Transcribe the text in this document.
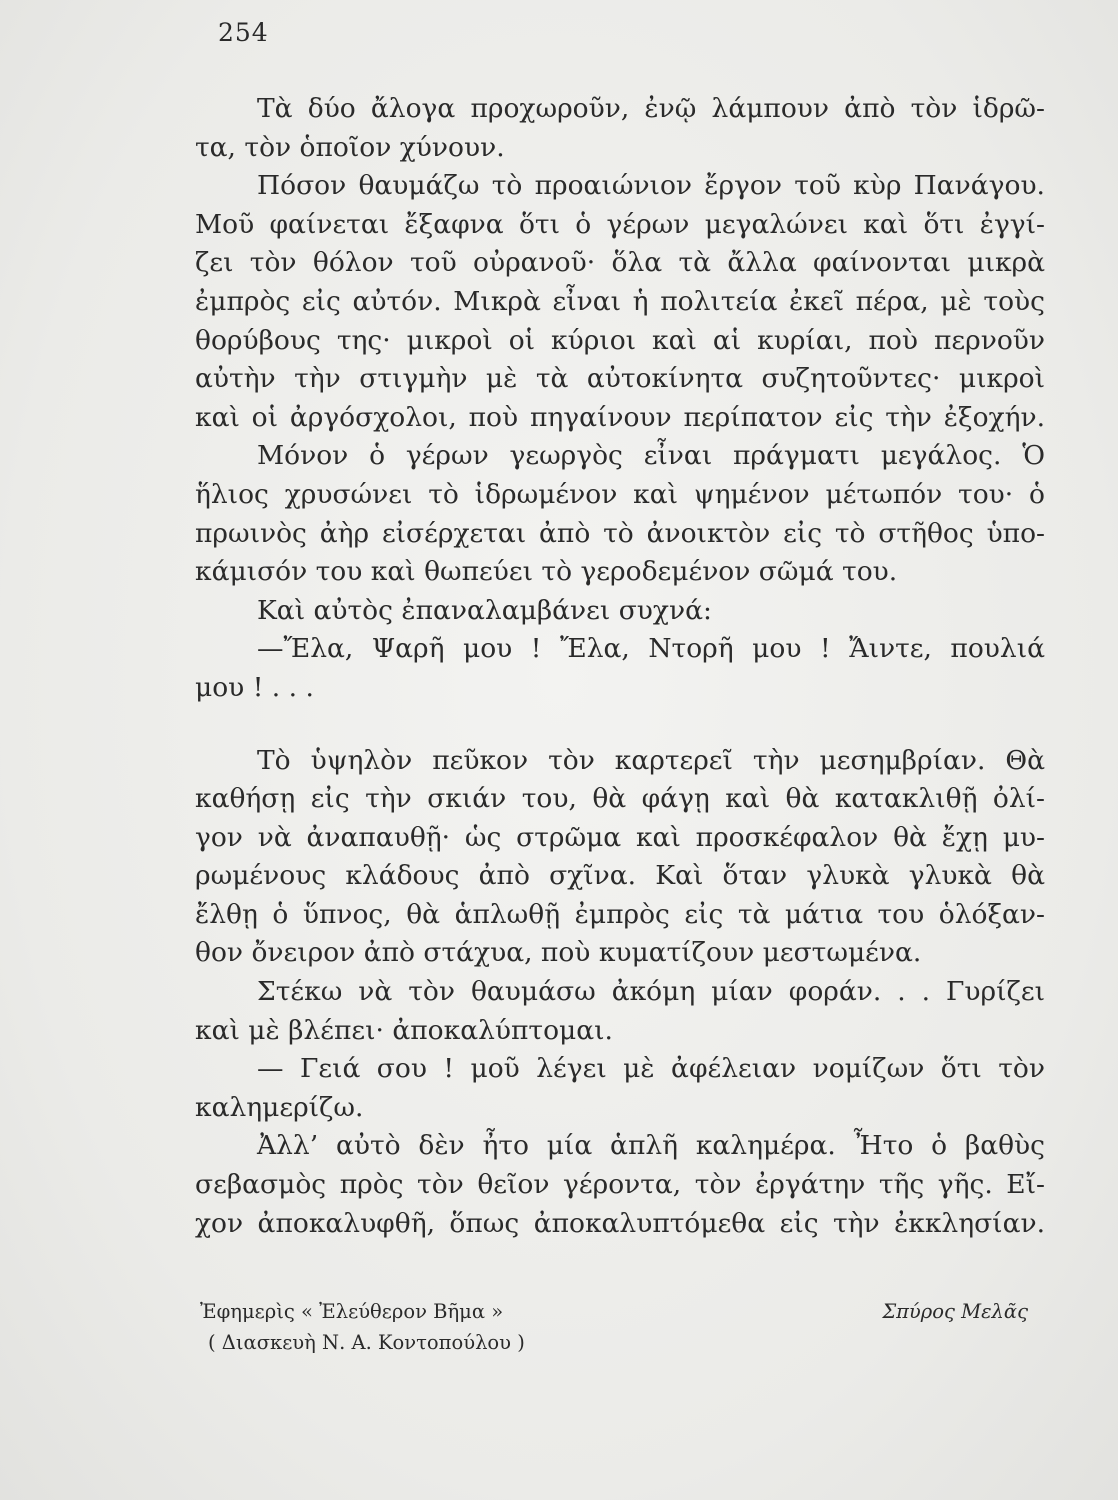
254
Τὰ δύο ἄλογα προχωροῦν, ἐνῷ λάμπουν ἀπὸ τὸν ἱδρῶ-
τα, τὸν ὁποῖον χύνουν.
Πόσον θαυμάζω τὸ προαιώνιον ἔργον τοῦ κὺρ Πανάγου.
Μοῦ φαίνεται ἔξαφνα ὅτι ὁ γέρων μεγαλώνει καὶ ὅτι ἐγγί-
ζει τὸν θόλον τοῦ οὐρανοῦ· ὅλα τὰ ἄλλα φαίνονται μικρὰ
ἐμπρὸς εἰς αὐτόν. Μικρὰ εἶναι ἡ πολιτεία ἐκεῖ πέρα, μὲ τοὺς
θορύβους της· μικροὶ οἱ κύριοι καὶ αἱ κυρίαι, ποὺ περνοῦν
αὐτὴν τὴν στιγμὴν μὲ τὰ αὐτοκίνητα συζητοῦντες· μικροὶ
καὶ οἱ ἀργόσχολοι, ποὺ πηγαίνουν περίπατον εἰς τὴν ἐξοχήν.
Μόνον ὁ γέρων γεωργὸς εἶναι πράγματι μεγάλος. Ὁ
ἥλιος χρυσώνει τὸ ἱδρωμένον καὶ ψημένον μέτωπόν του· ὁ
πρωινὸς ἀὴρ εἰσέρχεται ἀπὸ τὸ ἀνοικτὸν εἰς τὸ στῆθος ὑπο-
κάμισόν του καὶ θωπεύει τὸ γεροδεμένον σῶμά του.
Καὶ αὐτὸς ἐπαναλαμβάνει συχνά:
—Ἔλα, Ψαρῆ μου ! Ἔλα, Ντορῆ μου ! Ἄιντε, πουλιά
μου ! . . .
Τὸ ὑψηλὸν πεῦκον τὸν καρτερεῖ τὴν μεσημβρίαν. Θὰ
καθήσῃ εἰς τὴν σκιάν του, θὰ φάγῃ καὶ θὰ κατακλιθῇ ὀλί-
γον νὰ ἀναπαυθῇ· ὡς στρῶμα καὶ προσκέφαλον θὰ ἔχῃ μυ-
ρωμένους κλάδους ἀπὸ σχῖνα. Καὶ ὅταν γλυκὰ γλυκὰ θὰ
ἔλθῃ ὁ ὕπνος, θὰ ἁπλωθῇ ἐμπρὸς εἰς τὰ μάτια του ὁλόξαν-
θον ὄνειρον ἀπὸ στάχυα, ποὺ κυματίζουν μεστωμένα.
Στέκω νὰ τὸν θαυμάσω ἀκόμη μίαν φοράν. . . Γυρίζει
καὶ μὲ βλέπει· ἀποκαλύπτομαι.
— Γειά σου ! μοῦ λέγει μὲ ἀφέλειαν νομίζων ὅτι τὸν
καλημερίζω.
Ἀλλ’ αὐτὸ δὲν ἦτο μία ἁπλῆ καλημέρα. Ἦτο ὁ βαθὺς
σεβασμὸς πρὸς τὸν θεῖον γέροντα, τὸν ἐργάτην τῆς γῆς. Εἴ-
χον ἀποκαλυφθῆ, ὅπως ἀποκαλυπτόμεθα εἰς τὴν ἐκκλησίαν.
Ἐφημερὶς « Ἐλεύθερον Βῆμα »
( Διασκευὴ Ν. Α. Κοντοπούλου )
Σπύρος Μελᾶς
